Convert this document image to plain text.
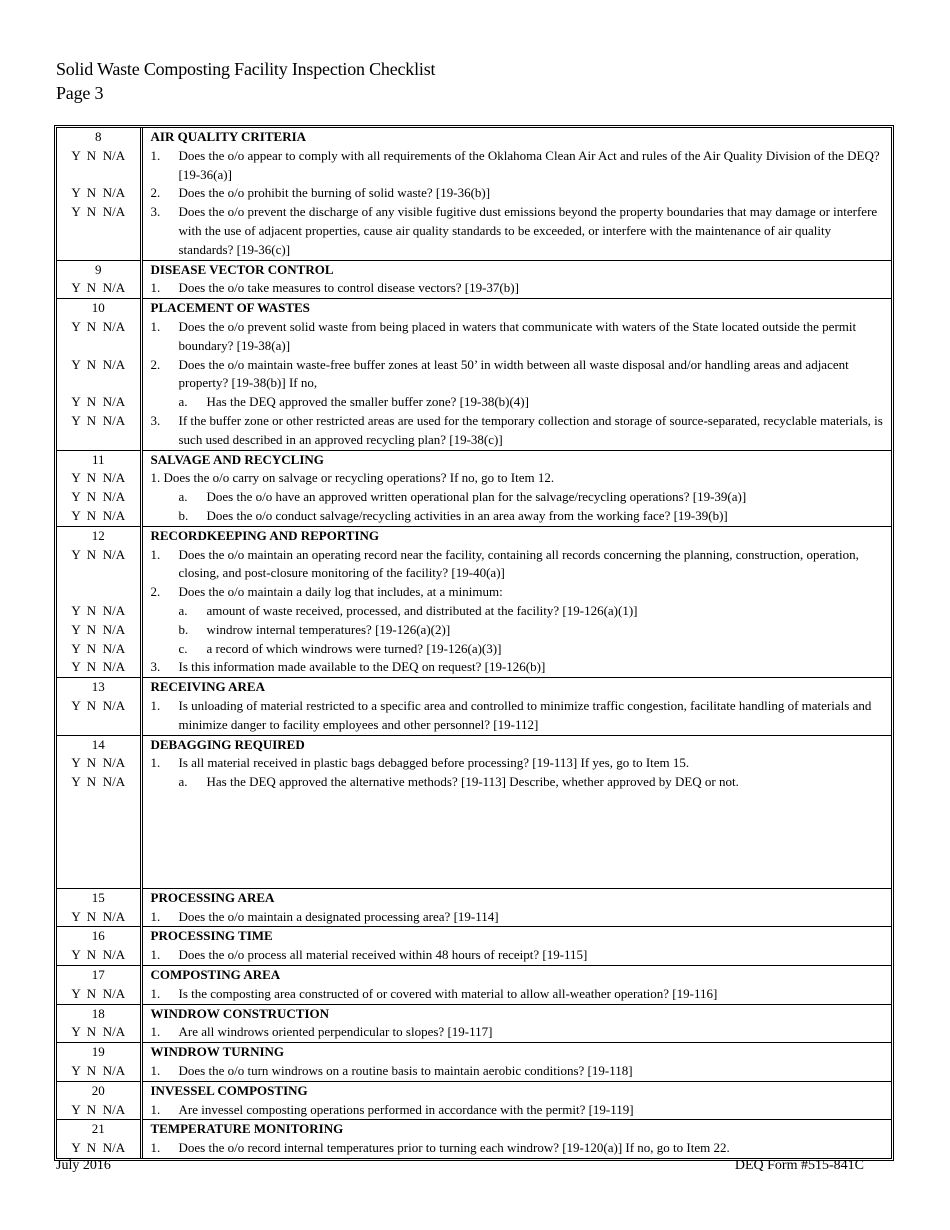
Solid Waste Composting Facility Inspection Checklist
Page 3
8	AIR QUALITY CRITERIA
Y  N  N/A	1. Does the o/o appear to comply with all requirements of the Oklahoma Clean Air Act and rules of the Air Quality Division of the DEQ? [19-36(a)]

Y  N  N/A	2. Does the o/o prohibit the burning of solid waste? [19-36(b)]

Y  N  N/A	3. Does the o/o prevent the discharge of any visible fugitive dust emissions beyond the property boundaries that may damage or interfere with the use of adjacent properties, cause air quality standards to be exceeded, or interfere with the maintenance of air quality standards? [19-36(c)]

9	DISEASE VECTOR CONTROL
Y  N  N/A	1. Does the o/o take measures to control disease vectors? [19-37(b)]

10	PLACEMENT OF WASTES
Y  N  N/A	1. Does the o/o prevent solid waste from being placed in waters that communicate with waters of the State located outside the permit boundary? [19-38(a)]

Y  N  N/A	2. Does the o/o maintain waste-free buffer zones at least 50’ in width between all waste disposal and/or handling areas and adjacent property? [19-38(b)] If no,

Y  N  N/A	a. Has the DEQ approved the smaller buffer zone? [19-38(b)(4)]

Y  N  N/A	3. If the buffer zone or other restricted areas are used for the temporary collection and storage of source-separated, recyclable materials, is such used described in an approved recycling plan? [19-38(c)]

11	SALVAGE AND RECYCLING
Y  N  N/A	1. Does the o/o carry on salvage or recycling operations? If no, go to Item 12.

Y  N  N/A	a. Does the o/o have an approved written operational plan for the salvage/recycling operations? [19-39(a)]

Y  N  N/A	b. Does the o/o conduct salvage/recycling activities in an area away from the working face? [19-39(b)]

12	RECORDKEEPING AND REPORTING
Y  N  N/A	1. Does the o/o maintain an operating record near the facility, containing all records concerning the planning, construction, operation, closing, and post-closure monitoring of the facility? [19-40(a)]

	2. Does the o/o maintain a daily log that includes, at a minimum:

Y  N  N/A	a. amount of waste received, processed, and distributed at the facility? [19-126(a)(1)]

Y  N  N/A	b. windrow internal temperatures? [19-126(a)(2)]

Y  N  N/A	c. a record of which windrows were turned? [19-126(a)(3)]

Y  N  N/A	3. Is this information made available to the DEQ on request? [19-126(b)]

13	RECEIVING AREA
Y  N  N/A	1. Is unloading of material restricted to a specific area and controlled to minimize traffic congestion, facilitate handling of materials and minimize danger to facility employees and other personnel? [19-112]

14	DEBAGGING REQUIRED
Y  N  N/A	1. Is all material received in plastic bags debagged before processing? [19-113] If yes, go to Item 15.

Y  N  N/A	a. Has the DEQ approved the alternative methods? [19-113] Describe, whether approved by DEQ or not.

15	PROCESSING AREA
Y  N  N/A	1. Does the o/o maintain a designated processing area? [19-114]

16	PROCESSING TIME
Y  N  N/A	1. Does the o/o process all material received within 48 hours of receipt? [19-115]

17	COMPOSTING AREA
Y  N  N/A	1. Is the composting area constructed of or covered with material to allow all-weather operation? [19-116]

18	WINDROW CONSTRUCTION
Y  N  N/A	1. Are all windrows oriented perpendicular to slopes? [19-117]

19	WINDROW TURNING
Y  N  N/A	1. Does the o/o turn windrows on a routine basis to maintain aerobic conditions? [19-118]

20	INVESSEL COMPOSTING
Y  N  N/A	1. Are invessel composting operations performed in accordance with the permit? [19-119]

21	TEMPERATURE MONITORING
Y  N  N/A	1. Does the o/o record internal temperatures prior to turning each windrow? [19-120(a)] If no, go to Item 22.
July 2016	DEQ Form #515-841C
